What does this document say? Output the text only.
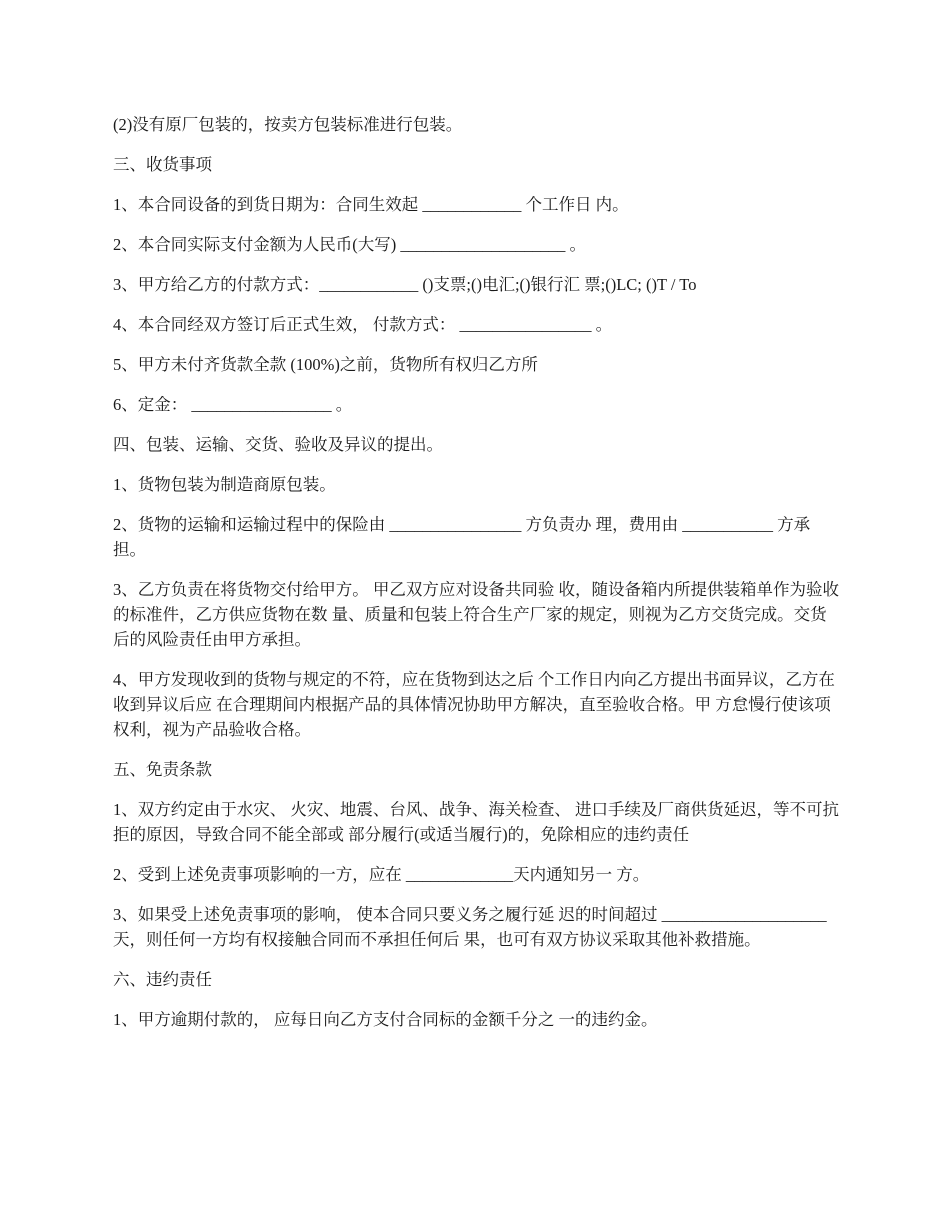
(2)没有原厂包装的，按卖方包装标准进行包装。

三、收货事项

1、本合同设备的到货日期为：合同生效起 ____________ 个工作日 内。

2、本合同实际支付金额为人民币(大写) ____________________ 。

3、甲方给乙方的付款方式：____________ ()支票;()电汇;()银行汇 票;()LC; ()T / To

4、本合同经双方签订后正式生效， 付款方式： ________________ 。

5、甲方未付齐货款全款 (100%)之前，货物所有权归乙方所

6、定金： _________________ 。

四、包装、运输、交货、验收及异议的提出。

1、货物包装为制造商原包装。

2、货物的运输和运输过程中的保险由 ________________ 方负责办 理，费用由 ___________ 方承担。

3、乙方负责在将货物交付给甲方。 甲乙双方应对设备共同验 收，随设备箱内所提供装箱单作为验收的标准件，乙方供应货物在数 量、质量和包装上符合生产厂家的规定，则视为乙方交货完成。交货 后的风险责任由甲方承担。

4、甲方发现收到的货物与规定的不符，应在货物到达之后 个工作日内向乙方提出书面异议，乙方在收到异议后应 在合理期间内根据产品的具体情况协助甲方解决，直至验收合格。甲 方怠慢行使该项权利，视为产品验收合格。

五、免责条款

1、双方约定由于水灾、 火灾、地震、台风、战争、海关检查、 进口手续及厂商供货延迟，等不可抗拒的原因，导致合同不能全部或 部分履行(或适当履行)的，免除相应的违约责任

2、受到上述免责事项影响的一方，应在 _____________天内通知另一 方。

3、如果受上述免责事项的影响， 使本合同只要义务之履行延 迟的时间超过 ____________________天，则任何一方均有权接触合同而不承担任何后 果，也可有双方协议采取其他补救措施。

六、违约责任

1、甲方逾期付款的， 应每日向乙方支付合同标的金额千分之 一的违约金。
